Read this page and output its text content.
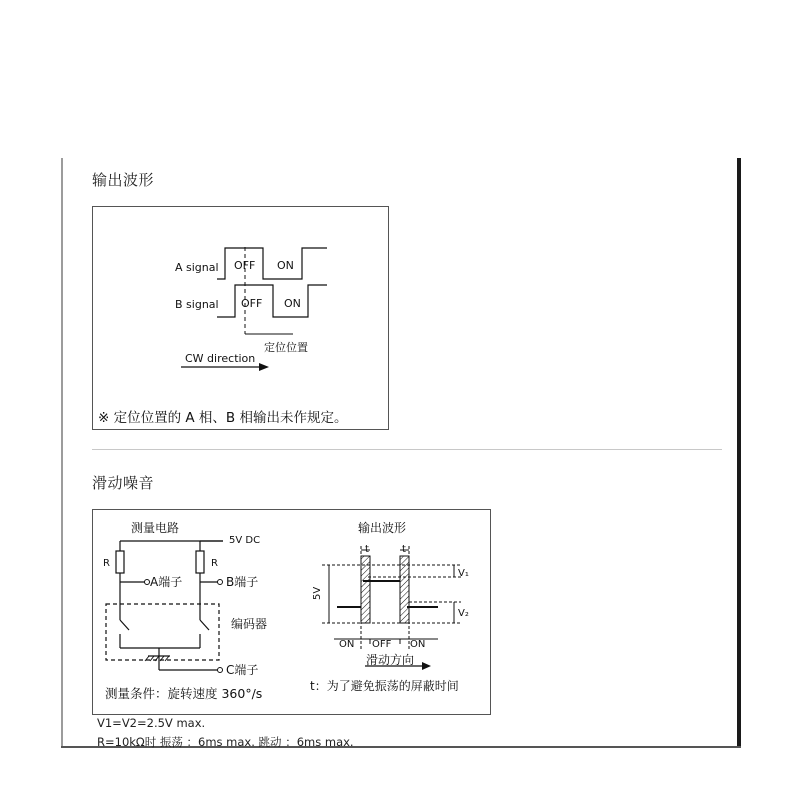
输出波形
A signal
B signal
OFF ON
OFF ON
定位位置
CW direction
※ 定位位置的 A 相、B 相输出未作规定。
滑动噪音
测量电路
5V DC
R	R
A端子	B端子
编码器
C端子
测量条件：旋转速度 360°/s
输出波形
t	t
V₁
V₂
5V
ON OFF ON
滑动方向
t：为了避免振荡的屏蔽时间
V1=V2=2.5V max.
R=10kΩ时 振荡 ：6ms max. 跳动 ：6ms max.
